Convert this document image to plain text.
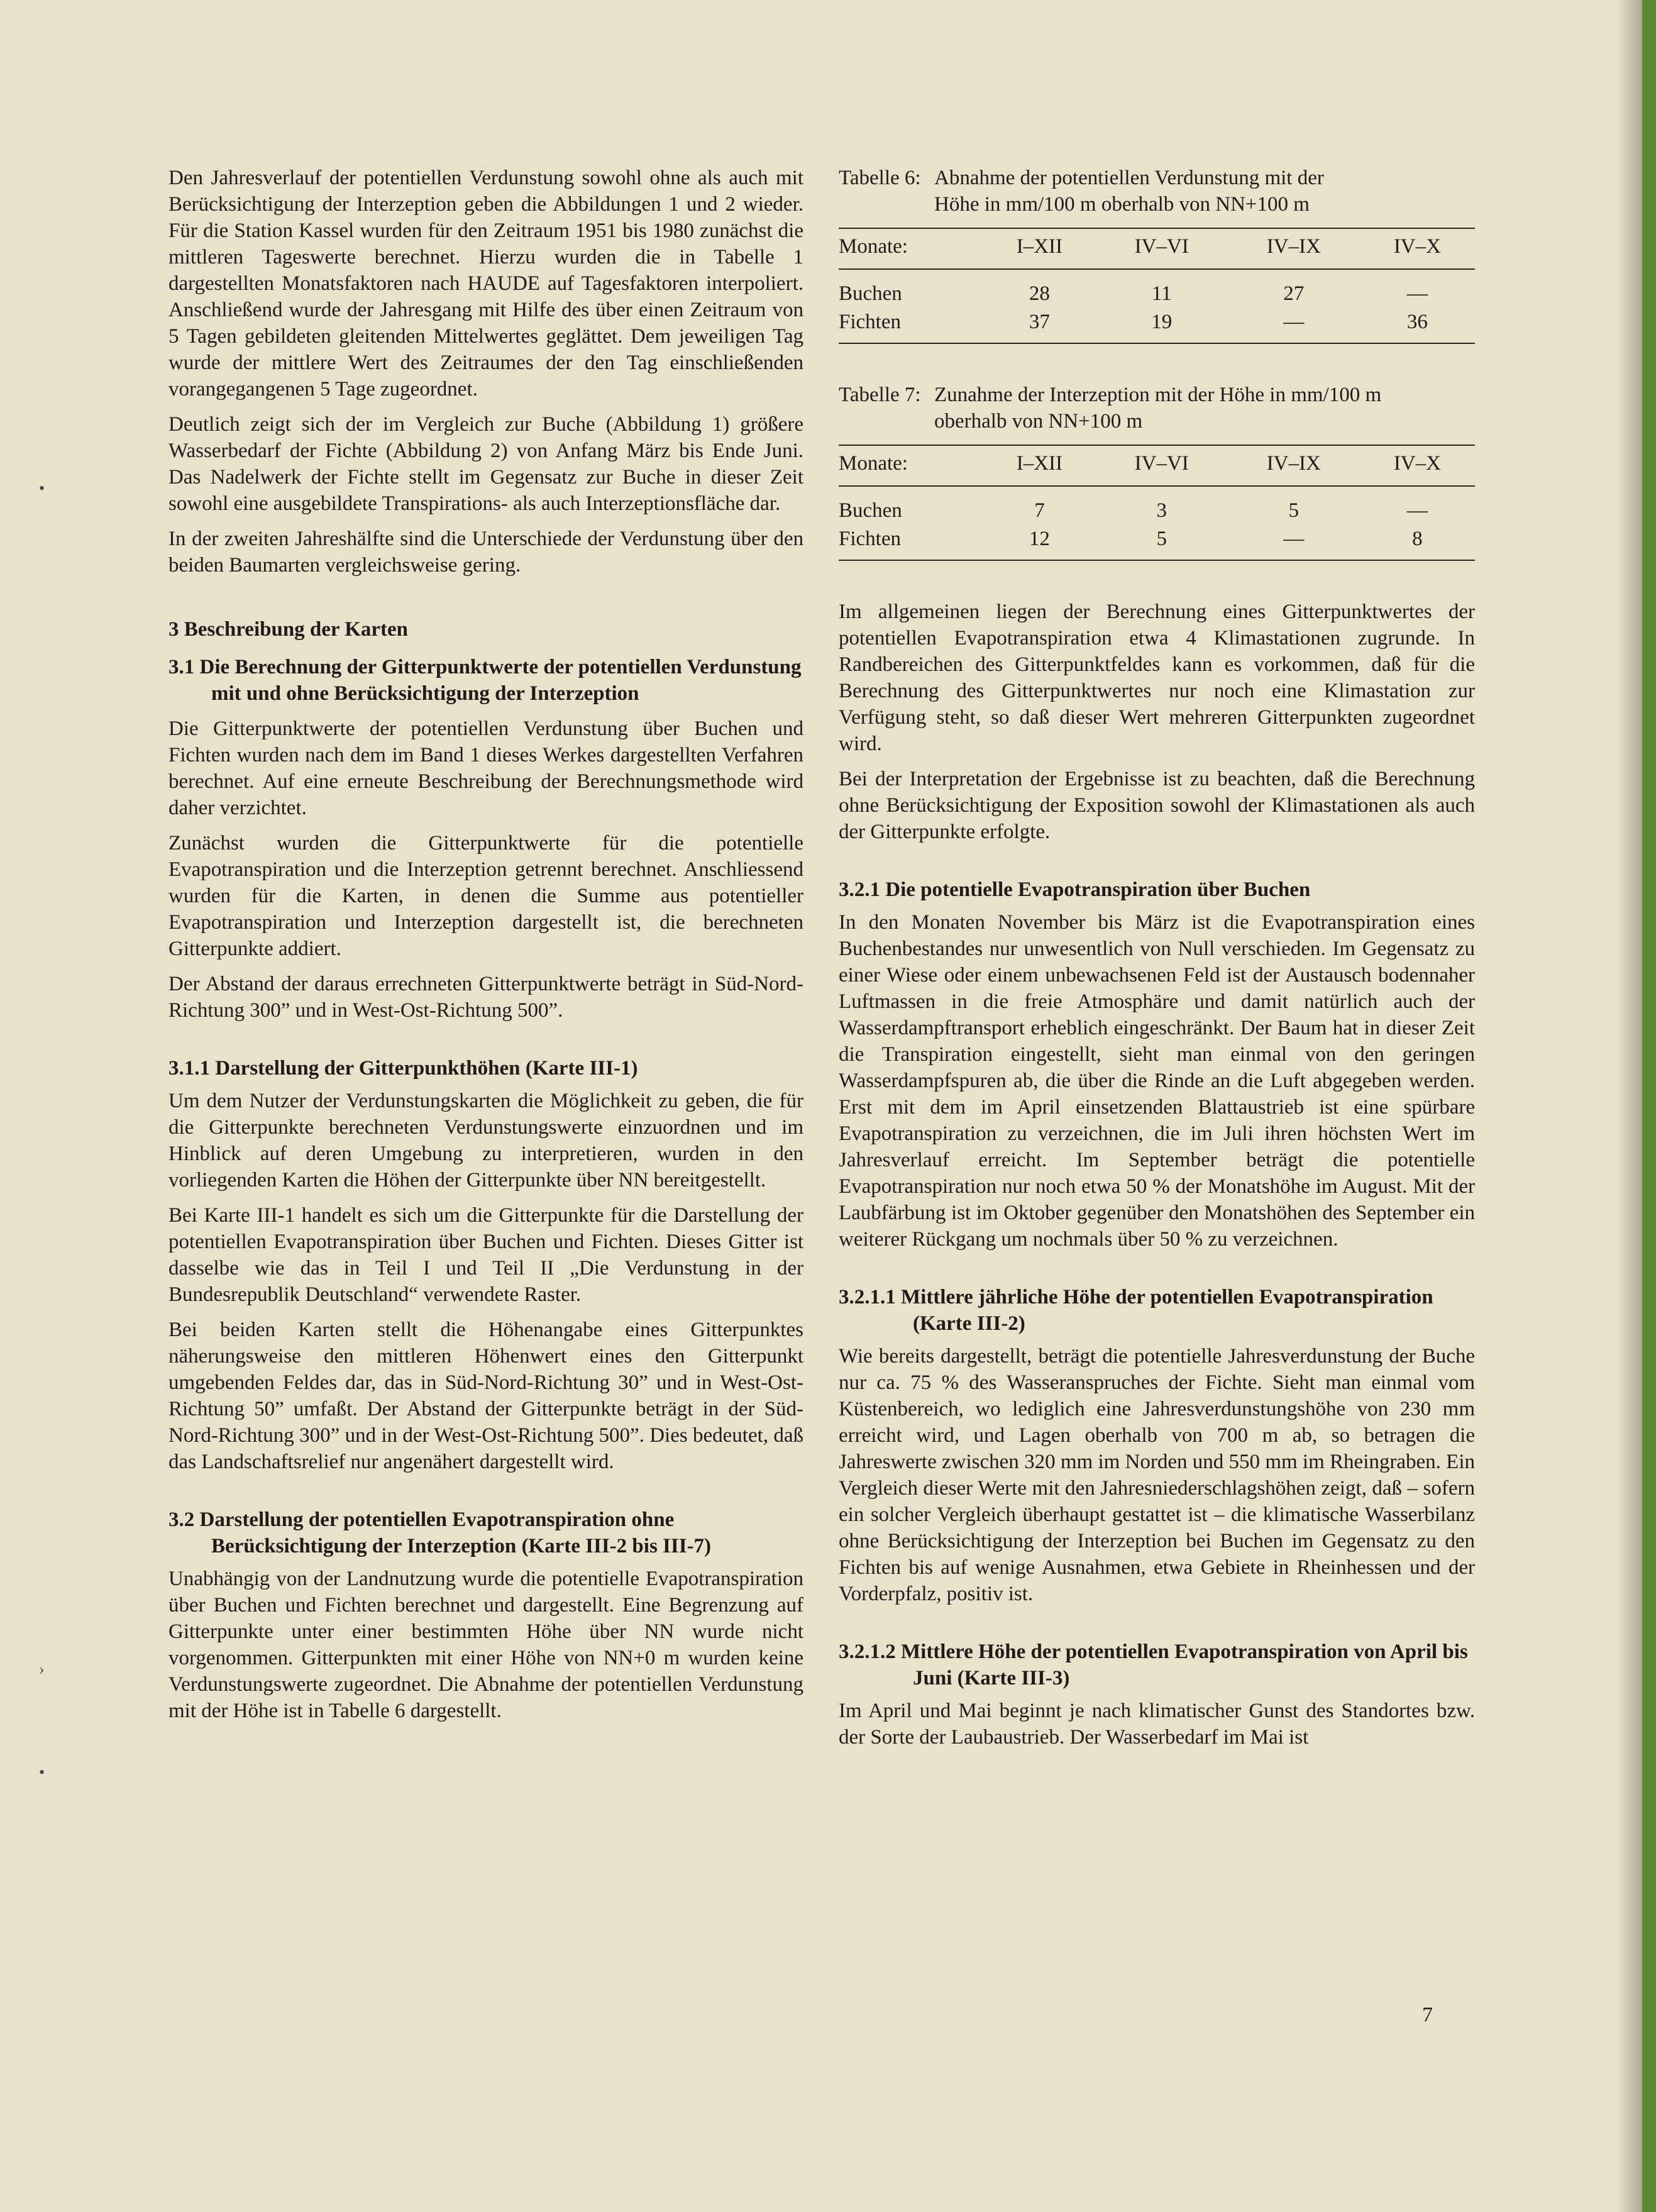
•
›
•

Den Jahresverlauf der potentiellen Verdunstung sowohl ohne als auch mit Berücksichtigung der Interzeption geben die Abbildungen 1 und 2 wieder. Für die Station Kassel wurden für den Zeitraum 1951 bis 1980 zunächst die mittleren Tageswerte berechnet. Hierzu wurden die in Tabelle 1 dargestellten Monatsfaktoren nach HAUDE auf Tagesfaktoren interpoliert. Anschließend wurde der Jahresgang mit Hilfe des über einen Zeitraum von 5 Tagen gebildeten gleitenden Mittelwertes geglättet. Dem jeweiligen Tag wurde der mittlere Wert des Zeitraumes der den Tag einschließenden vorangegangenen 5 Tage zugeordnet.

Deutlich zeigt sich der im Vergleich zur Buche (Abbildung 1) größere Wasserbedarf der Fichte (Abbildung 2) von Anfang März bis Ende Juni. Das Nadelwerk der Fichte stellt im Gegensatz zur Buche in dieser Zeit sowohl eine ausgebildete Transpirations- als auch Interzeptionsfläche dar.

In der zweiten Jahreshälfte sind die Unterschiede der Verdunstung über den beiden Baumarten vergleichsweise gering.

3 Beschreibung der Karten
3.1 Die Berechnung der Gitterpunktwerte der potentiellen Verdunstung mit und ohne Berücksichtigung der Interzeption

Die Gitterpunktwerte der potentiellen Verdunstung über Buchen und Fichten wurden nach dem im Band 1 dieses Werkes dargestellten Verfahren berechnet. Auf eine erneute Beschreibung der Berechnungsmethode wird daher verzichtet.

Zunächst wurden die Gitterpunktwerte für die potentielle Evapotranspiration und die Interzeption getrennt berechnet. Anschliessend wurden für die Karten, in denen die Summe aus potentieller Evapotranspiration und Interzeption dargestellt ist, die berechneten Gitterpunkte addiert.

Der Abstand der daraus errechneten Gitterpunktwerte beträgt in Süd-Nord-Richtung 300” und in West-Ost-Richtung 500”.

3.1.1 Darstellung der Gitterpunkthöhen (Karte III-1)

Um dem Nutzer der Verdunstungskarten die Möglichkeit zu geben, die für die Gitterpunkte berechneten Verdunstungswerte einzuordnen und im Hinblick auf deren Umgebung zu interpretieren, wurden in den vorliegenden Karten die Höhen der Gitterpunkte über NN bereitgestellt.

Bei Karte III-1 handelt es sich um die Gitterpunkte für die Darstellung der potentiellen Evapotranspiration über Buchen und Fichten. Dieses Gitter ist dasselbe wie das in Teil I und Teil II „Die Verdunstung in der Bundesrepublik Deutschland“ verwendete Raster.

Bei beiden Karten stellt die Höhenangabe eines Gitterpunktes näherungsweise den mittleren Höhenwert eines den Gitterpunkt umgebenden Feldes dar, das in Süd-Nord-Richtung 30” und in West-Ost-Richtung 50” umfaßt. Der Abstand der Gitterpunkte beträgt in der Süd-Nord-Richtung 300” und in der West-Ost-Richtung 500”. Dies bedeutet, daß das Landschaftsrelief nur angenähert dargestellt wird.

3.2 Darstellung der potentiellen Evapotranspiration ohne Berücksichtigung der Interzeption (Karte III-2 bis III-7)

Unabhängig von der Landnutzung wurde die potentielle Evapotranspiration über Buchen und Fichten berechnet und dargestellt. Eine Begrenzung auf Gitterpunkte unter einer bestimmten Höhe über NN wurde nicht vorgenommen. Gitterpunkten mit einer Höhe von NN+0 m wurden keine Verdunstungswerte zugeordnet. Die Abnahme der potentiellen Verdunstung mit der Höhe ist in Tabelle 6 dargestellt.

Tabelle 6: Abnahme der potentiellen Verdunstung mit der
Höhe in mm/100 m oberhalb von NN+100 m
Monate:	I–XII	IV–VI	IV–IX	IV–X
Buchen	28	11	27	—
Fichten	37	19	—	36
Tabelle 7: Zunahme der Interzeption mit der Höhe in mm/100 m
oberhalb von NN+100 m
Monate:	I–XII	IV–VI	IV–IX	IV–X
Buchen	7	3	5	—
Fichten	12	5	—	8

Im allgemeinen liegen der Berechnung eines Gitterpunktwertes der potentiellen Evapotranspiration etwa 4 Klimastationen zugrunde. In Randbereichen des Gitterpunktfeldes kann es vorkommen, daß für die Berechnung des Gitterpunktwertes nur noch eine Klimastation zur Verfügung steht, so daß dieser Wert mehreren Gitterpunkten zugeordnet wird.

Bei der Interpretation der Ergebnisse ist zu beachten, daß die Berechnung ohne Berücksichtigung der Exposition sowohl der Klimastationen als auch der Gitterpunkte erfolgte.

3.2.1 Die potentielle Evapotranspiration über Buchen

In den Monaten November bis März ist die Evapotranspiration eines Buchenbestandes nur unwesentlich von Null verschieden. Im Gegensatz zu einer Wiese oder einem unbewachsenen Feld ist der Austausch bodennaher Luftmassen in die freie Atmosphäre und damit natürlich auch der Wasserdampftransport erheblich eingeschränkt. Der Baum hat in dieser Zeit die Transpiration eingestellt, sieht man einmal von den geringen Wasserdampfspuren ab, die über die Rinde an die Luft abgegeben werden. Erst mit dem im April einsetzenden Blattaustrieb ist eine spürbare Evapotranspiration zu verzeichnen, die im Juli ihren höchsten Wert im Jahresverlauf erreicht. Im September beträgt die potentielle Evapotranspiration nur noch etwa 50 % der Monatshöhe im August. Mit der Laubfärbung ist im Oktober gegenüber den Monatshöhen des September ein weiterer Rückgang um nochmals über 50 % zu verzeichnen.

3.2.1.1 Mittlere jährliche Höhe der potentiellen Evapotranspiration (Karte III-2)

Wie bereits dargestellt, beträgt die potentielle Jahresverdunstung der Buche nur ca. 75 % des Wasseranspruches der Fichte. Sieht man einmal vom Küstenbereich, wo lediglich eine Jahresverdunstungshöhe von 230 mm erreicht wird, und Lagen oberhalb von 700 m ab, so betragen die Jahreswerte zwischen 320 mm im Norden und 550 mm im Rheingraben. Ein Vergleich dieser Werte mit den Jahresniederschlagshöhen zeigt, daß – sofern ein solcher Vergleich überhaupt gestattet ist – die klimatische Wasserbilanz ohne Berücksichtigung der Interzeption bei Buchen im Gegensatz zu den Fichten bis auf wenige Ausnahmen, etwa Gebiete in Rheinhessen und der Vorderpfalz, positiv ist.

3.2.1.2 Mittlere Höhe der potentiellen Evapotranspiration von April bis Juni (Karte III-3)

Im April und Mai beginnt je nach klimatischer Gunst des Standortes bzw. der Sorte der Laubaustrieb. Der Wasserbedarf im Mai ist

7
